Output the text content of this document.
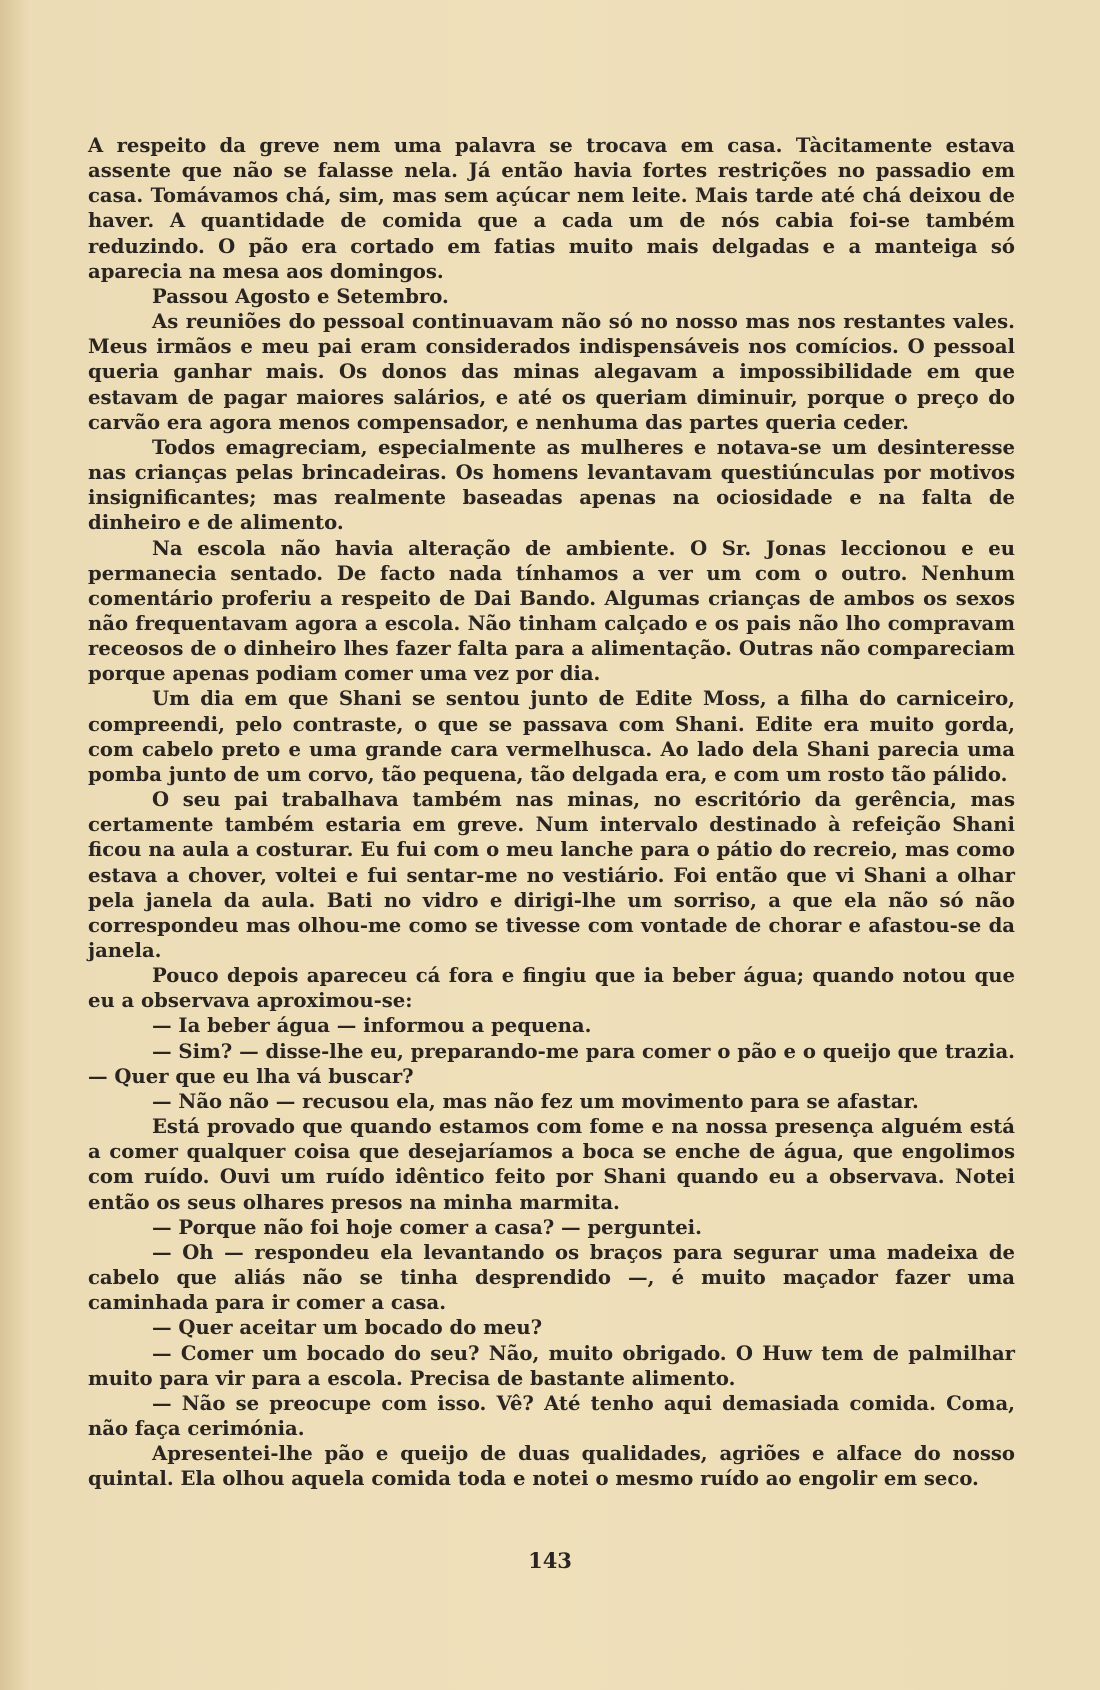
A respeito da greve nem uma palavra se trocava em casa. Tàcitamente estava assente que não se falasse nela. Já então havia fortes restrições no passadio em casa. Tomávamos chá, sim, mas sem açúcar nem leite. Mais tarde até chá deixou de haver. A quantidade de comida que a cada um de nós cabia foi-se também reduzindo. O pão era cortado em fatias muito mais delgadas e a manteiga só aparecia na mesa aos domingos.

Passou Agosto e Setembro.

As reuniões do pessoal continuavam não só no nosso mas nos restantes vales. Meus irmãos e meu pai eram considerados indispensáveis nos comícios. O pessoal queria ganhar mais. Os donos das minas alegavam a impossibilidade em que estavam de pagar maiores salários, e até os queriam diminuir, porque o preço do carvão era agora menos compensador, e nenhuma das partes queria ceder.

Todos emagreciam, especialmente as mulheres e notava-se um desinteresse nas crianças pelas brincadeiras. Os homens levantavam questiúnculas por motivos insignificantes; mas realmente baseadas apenas na ociosidade e na falta de dinheiro e de alimento.

Na escola não havia alteração de ambiente. O Sr. Jonas leccionou e eu permanecia sentado. De facto nada tínhamos a ver um com o outro. Nenhum comentário proferiu a respeito de Dai Bando. Algumas crianças de ambos os sexos não frequentavam agora a escola. Não tinham calçado e os pais não lho compravam receosos de o dinheiro lhes fazer falta para a alimentação. Outras não compareciam porque apenas podiam comer uma vez por dia.

Um dia em que Shani se sentou junto de Edite Moss, a filha do carniceiro, compreendi, pelo contraste, o que se passava com Shani. Edite era muito gorda, com cabelo preto e uma grande cara vermelhusca. Ao lado dela Shani parecia uma pomba junto de um corvo, tão pequena, tão delgada era, e com um rosto tão pálido.

O seu pai trabalhava também nas minas, no escritório da gerência, mas certamente também estaria em greve. Num intervalo destinado à refeição Shani ficou na aula a costurar. Eu fui com o meu lanche para o pátio do recreio, mas como estava a chover, voltei e fui sentar-me no vestiário. Foi então que vi Shani a olhar pela janela da aula. Bati no vidro e dirigi-lhe um sorriso, a que ela não só não correspondeu mas olhou-me como se tivesse com vontade de chorar e afastou-se da janela.

Pouco depois apareceu cá fora e fingiu que ia beber água; quando notou que eu a observava aproximou-se:

— Ia beber água — informou a pequena.

— Sim? — disse-lhe eu, preparando-me para comer o pão e o queijo que trazia. — Quer que eu lha vá buscar?

— Não não — recusou ela, mas não fez um movimento para se afastar.

Está provado que quando estamos com fome e na nossa presença alguém está a comer qualquer coisa que desejaríamos a boca se enche de água, que engolimos com ruído. Ouvi um ruído idêntico feito por Shani quando eu a observava. Notei então os seus olhares presos na minha marmita.

— Porque não foi hoje comer a casa? — perguntei.

— Oh — respondeu ela levantando os braços para segurar uma madeixa de cabelo que aliás não se tinha desprendido —, é muito maçador fazer uma caminhada para ir comer a casa.

— Quer aceitar um bocado do meu?

— Comer um bocado do seu? Não, muito obrigado. O Huw tem de palmilhar muito para vir para a escola. Precisa de bastante alimento.

— Não se preocupe com isso. Vê? Até tenho aqui demasiada comida. Coma, não faça cerimónia.

Apresentei-lhe pão e queijo de duas qualidades, agriões e alface do nosso quintal. Ela olhou aquela comida toda e notei o mesmo ruído ao engolir em seco.

143
